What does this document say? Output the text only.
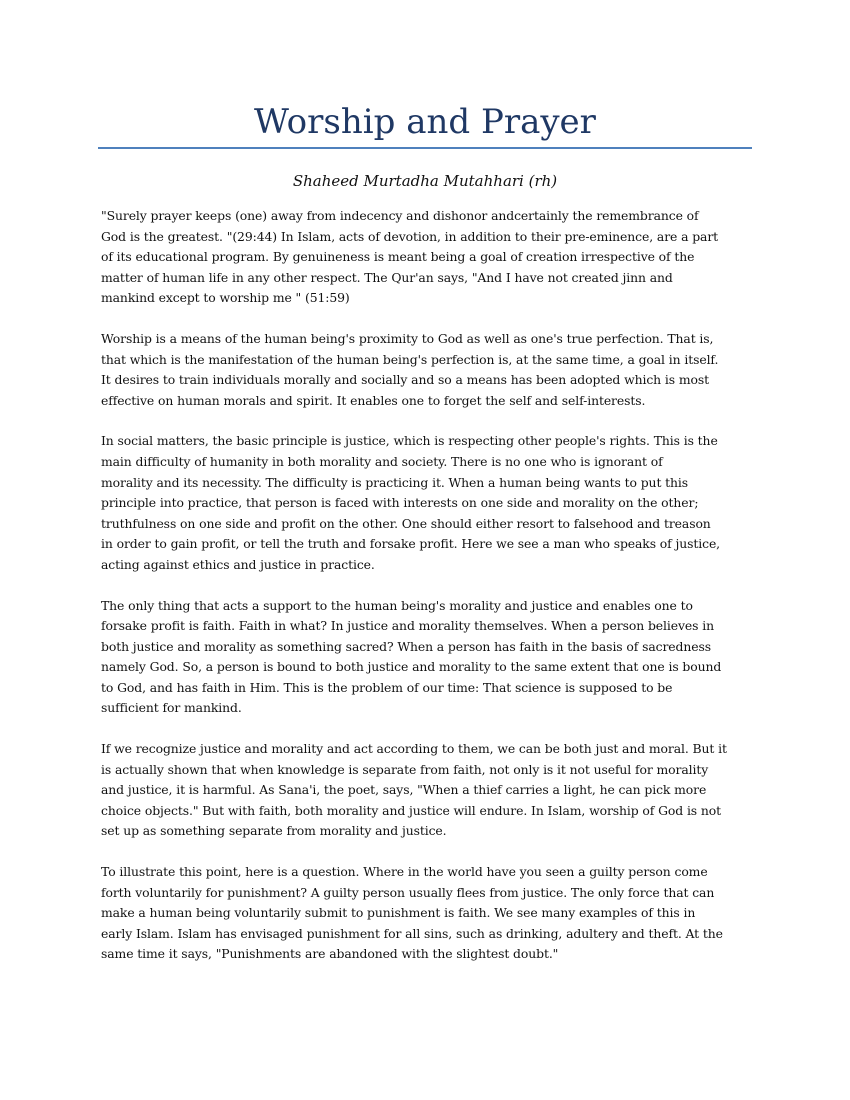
Worship and Prayer
Shaheed Murtadha Mutahhari (rh)

"Surely prayer keeps (one) away from indecency and dishonor andcertainly the remembrance of
God is the greatest. "(29:44) In Islam, acts of devotion, in addition to their pre-eminence, are a part
of its educational program. By genuineness is meant being a goal of creation irrespective of the
matter of human life in any other respect. The Qur'an says, "And I have not created jinn and
mankind except to worship me " (51:59)

Worship is a means of the human being's proximity to God as well as one's true perfection. That is,
that which is the manifestation of the human being's perfection is, at the same time, a goal in itself.
It desires to train individuals morally and socially and so a means has been adopted which is most
effective on human morals and spirit. It enables one to forget the self and self-interests.

In social matters, the basic principle is justice, which is respecting other people's rights. This is the
main difficulty of humanity in both morality and society. There is no one who is ignorant of
morality and its necessity. The difficulty is practicing it. When a human being wants to put this
principle into practice, that person is faced with interests on one side and morality on the other;
truthfulness on one side and profit on the other. One should either resort to falsehood and treason
in order to gain profit, or tell the truth and forsake profit. Here we see a man who speaks of justice,
acting against ethics and justice in practice.

The only thing that acts a support to the human being's morality and justice and enables one to
forsake profit is faith. Faith in what? In justice and morality themselves. When a person believes in
both justice and morality as something sacred? When a person has faith in the basis of sacredness
namely God. So, a person is bound to both justice and morality to the same extent that one is bound
to God, and has faith in Him. This is the problem of our time: That science is supposed to be
sufficient for mankind.

If we recognize justice and morality and act according to them, we can be both just and moral. But it
is actually shown that when knowledge is separate from faith, not only is it not useful for morality
and justice, it is harmful. As Sana'i, the poet, says, "When a thief carries a light, he can pick more
choice objects." But with faith, both morality and justice will endure. In Islam, worship of God is not
set up as something separate from morality and justice.

To illustrate this point, here is a question. Where in the world have you seen a guilty person come
forth voluntarily for punishment? A guilty person usually flees from justice. The only force that can
make a human being voluntarily submit to punishment is faith. We see many examples of this in
early Islam. Islam has envisaged punishment for all sins, such as drinking, adultery and theft. At the
same time it says, "Punishments are abandoned with the slightest doubt."
